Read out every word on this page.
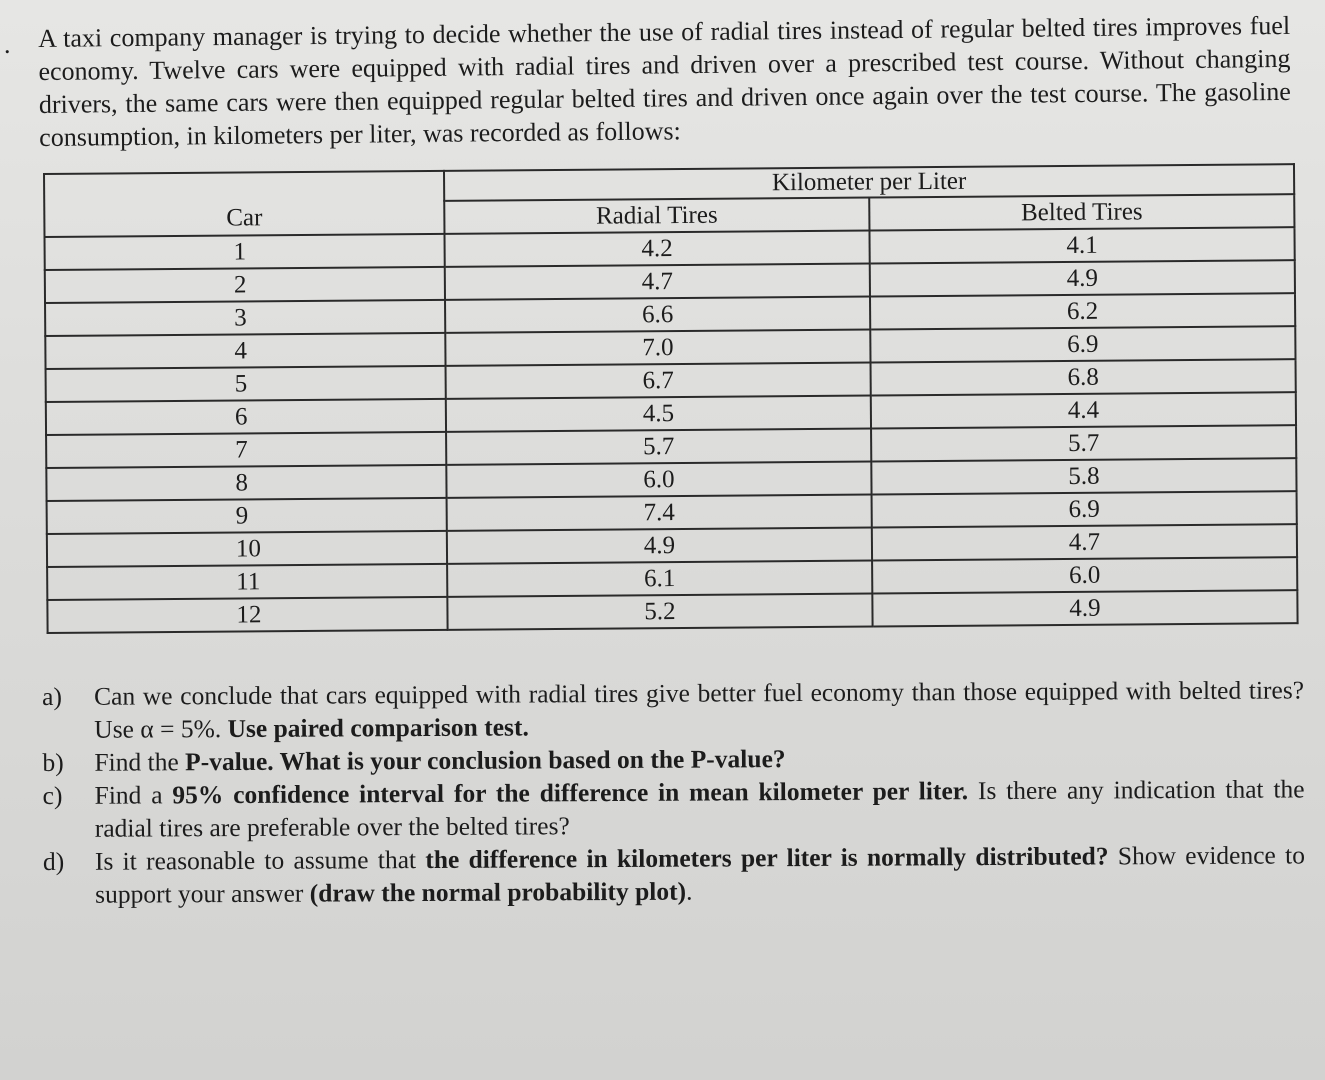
. A taxi company manager is trying to decide whether the use of radial tires instead of regular belted tires improves fuel economy. Twelve cars were equipped with radial tires and driven over a prescribed test course. Without changing drivers, the same cars were then equipped regular belted tires and driven once again over the test course. The gasoline consumption, in kilometers per liter, was recorded as follows:
Car	Kilometer per Liter	
	Radial Tires	Belted Tires
1	4.2	4.1
2	4.7	4.9
3	6.6	6.2
4	7.0	6.9
5	6.7	6.8
6	4.5	4.4
7	5.7	5.7
8	6.0	5.8
9	7.4	6.9
10	4.9	4.7
11	6.1	6.0
12	5.2	4.9
a)	Can we conclude that cars equipped with radial tires give better fuel economy than those equipped with belted tires? Use α = 5%. Use paired comparison test.
b)	Find the P-value. What is your conclusion based on the P-value?
c)	Find a 95% confidence interval for the difference in mean kilometer per liter. Is there any indication that the radial tires are preferable over the belted tires?
d)	Is it reasonable to assume that the difference in kilometers per liter is normally distributed? Show evidence to support your answer (draw the normal probability plot).
